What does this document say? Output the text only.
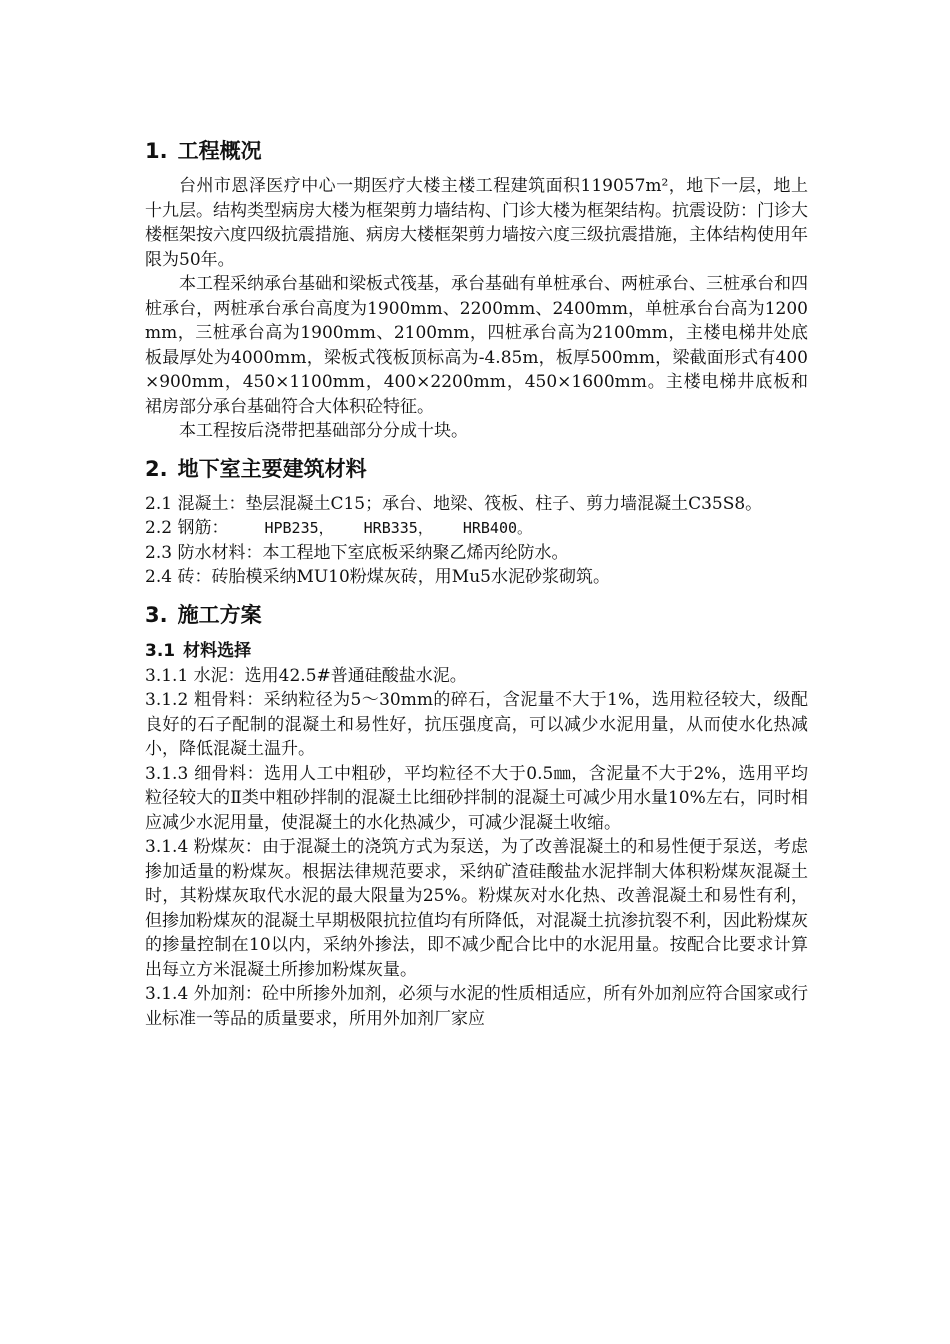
1. 工程概况

台州市恩泽医疗中心一期医疗大楼主楼工程建筑面积119057m²，地下一层，地上十九层。结构类型病房大楼为框架剪力墙结构、门诊大楼为框架结构。抗震设防：门诊大楼框架按六度四级抗震措施、病房大楼框架剪力墙按六度三级抗震措施，主体结构使用年限为50年。

本工程采纳承台基础和梁板式筏基，承台基础有单桩承台、两桩承台、三桩承台和四桩承台，两桩承台承台高度为1900mm、2200mm、2400mm，单桩承台台高为1200mm，三桩承台高为1900mm、2100mm，四桩承台高为2100mm，主楼电梯井处底板最厚处为4000mm，梁板式筏板顶标高为-4.85m，板厚500mm，梁截面形式有400×900mm，450×1100mm，400×2200mm，450×1600mm。主楼电梯井底板和裙房部分承台基础符合大体积砼特征。

本工程按后浇带把基础部分分成十块。

2. 地下室主要建筑材料

2.1 混凝土：垫层混凝土C15；承台、地梁、筏板、柱子、剪力墙混凝土C35S8。

2.2 钢筋： HPB235， HRB335， HRB400。

2.3 防水材料：本工程地下室底板采纳聚乙烯丙纶防水。

2.4 砖：砖胎模采纳MU10粉煤灰砖，用Mu5水泥砂浆砌筑。

3. 施工方案
3.1 材料选择

3.1.1 水泥：选用42.5#普通硅酸盐水泥。

3.1.2 粗骨料：采纳粒径为5～30mm的碎石，含泥量不大于1%，选用粒径较大，级配良好的石子配制的混凝土和易性好，抗压强度高，可以减少水泥用量，从而使水化热减小，降低混凝土温升。

3.1.3 细骨料：选用人工中粗砂，平均粒径不大于0.5㎜，含泥量不大于2%，选用平均粒径较大的Ⅱ类中粗砂拌制的混凝土比细砂拌制的混凝土可减少用水量10%左右，同时相应减少水泥用量，使混凝土的水化热减少，可减少混凝土收缩。

3.1.4 粉煤灰：由于混凝土的浇筑方式为泵送，为了改善混凝土的和易性便于泵送，考虑掺加适量的粉煤灰。根据法律规范要求，采纳矿渣硅酸盐水泥拌制大体积粉煤灰混凝土时，其粉煤灰取代水泥的最大限量为25%。粉煤灰对水化热、改善混凝土和易性有利，但掺加粉煤灰的混凝土早期极限抗拉值均有所降低，对混凝土抗渗抗裂不利，因此粉煤灰的掺量控制在10以内，采纳外掺法，即不减少配合比中的水泥用量。按配合比要求计算出每立方米混凝土所掺加粉煤灰量。

3.1.4 外加剂：砼中所掺外加剂，必须与水泥的性质相适应，所有外加剂应符合国家或行业标准一等品的质量要求，所用外加剂厂家应
